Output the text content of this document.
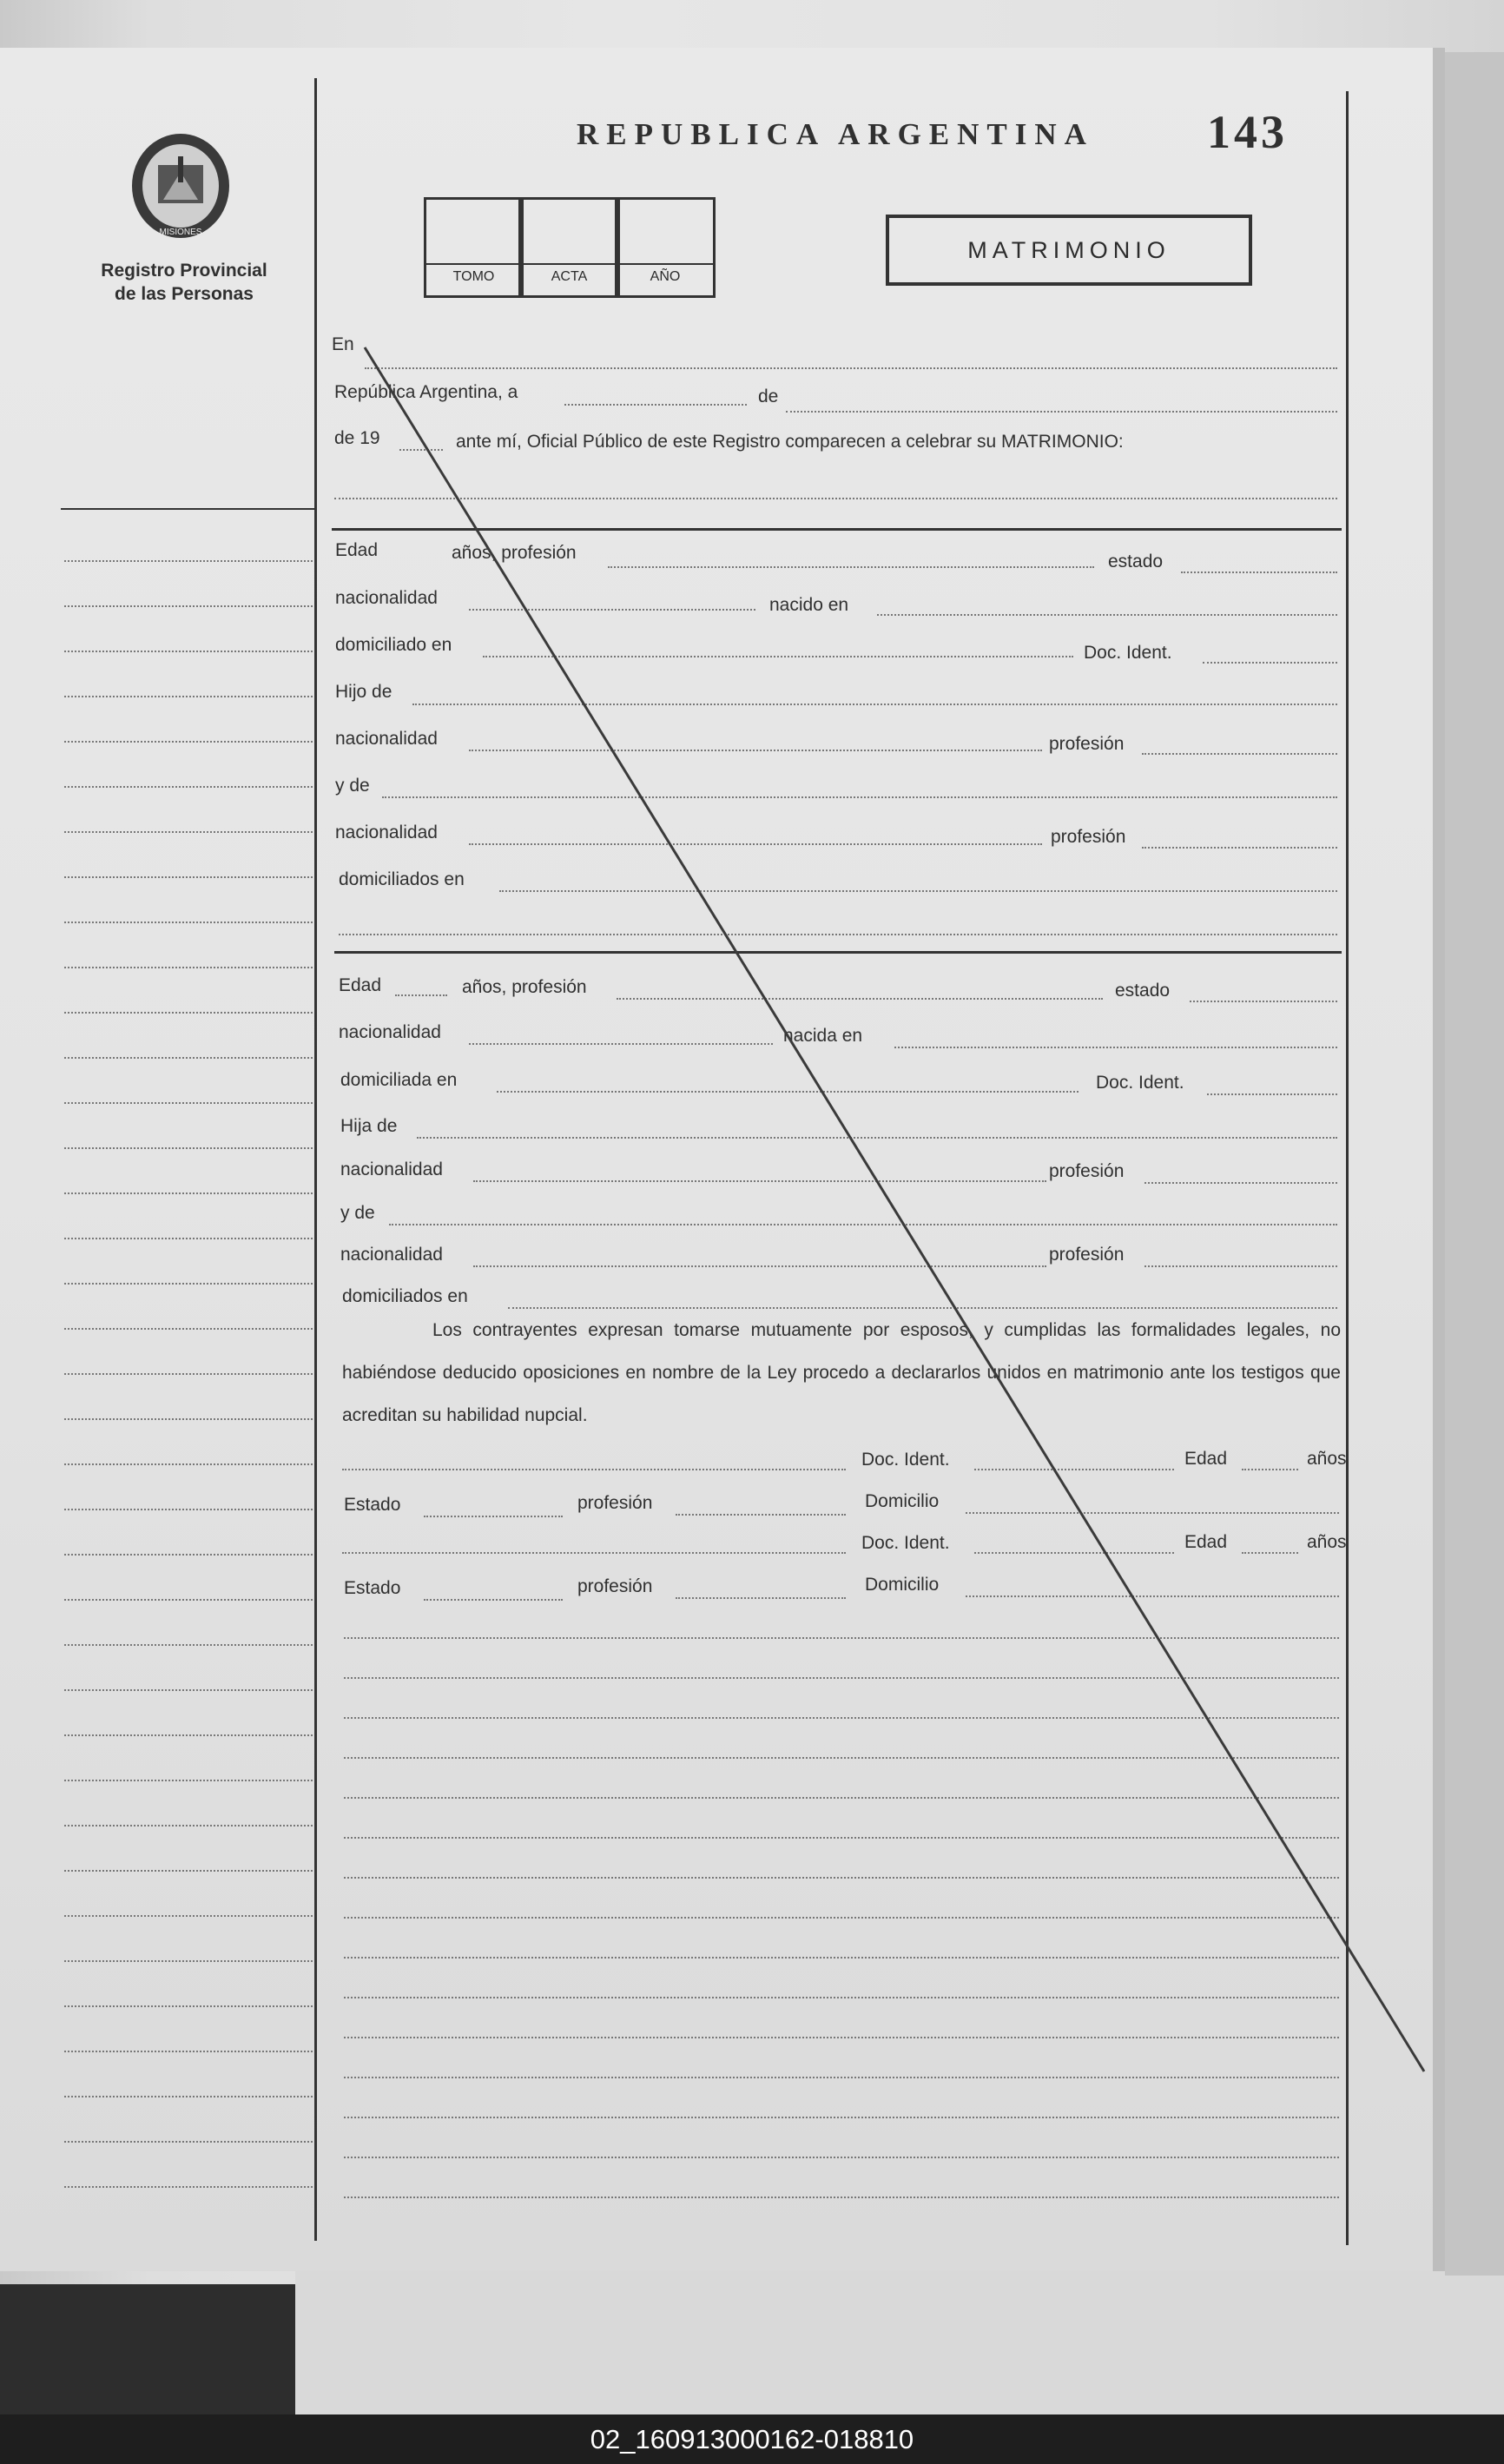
MISIONES
Registro Provincial
de las Personas
REPUBLICA ARGENTINA 143
TOMO	ACTA	AÑO
MATRIMONIO
En
República Argentina, a	de
de 19	ante mí, Oficial Público de este Registro comparecen a celebrar su MATRIMONIO:
Edad	años, profesión	estado
nacionalidad	nacido en
domiciliado en	Doc. Ident.
Hijo de
nacionalidad	profesión
y de
nacionalidad	profesión
domiciliados en
Edad	años, profesión	estado
nacionalidad	nacida en
domiciliada en	Doc. Ident.
Hija de
nacionalidad	profesión
y de
nacionalidad	profesión
domiciliados en
Los contrayentes expresan tomarse mutuamente por esposos, y cumplidas las formalidades legales, no habiéndose deducido oposiciones en nombre de la Ley procedo a declararlos unidos en matrimonio ante los testigos que acreditan su habilidad nupcial.
Doc. Ident.	Edad	años
Estado	profesión	Domicilio
Doc. Ident.	Edad	años
Estado	profesión	Domicilio
02_160913000162-018810
